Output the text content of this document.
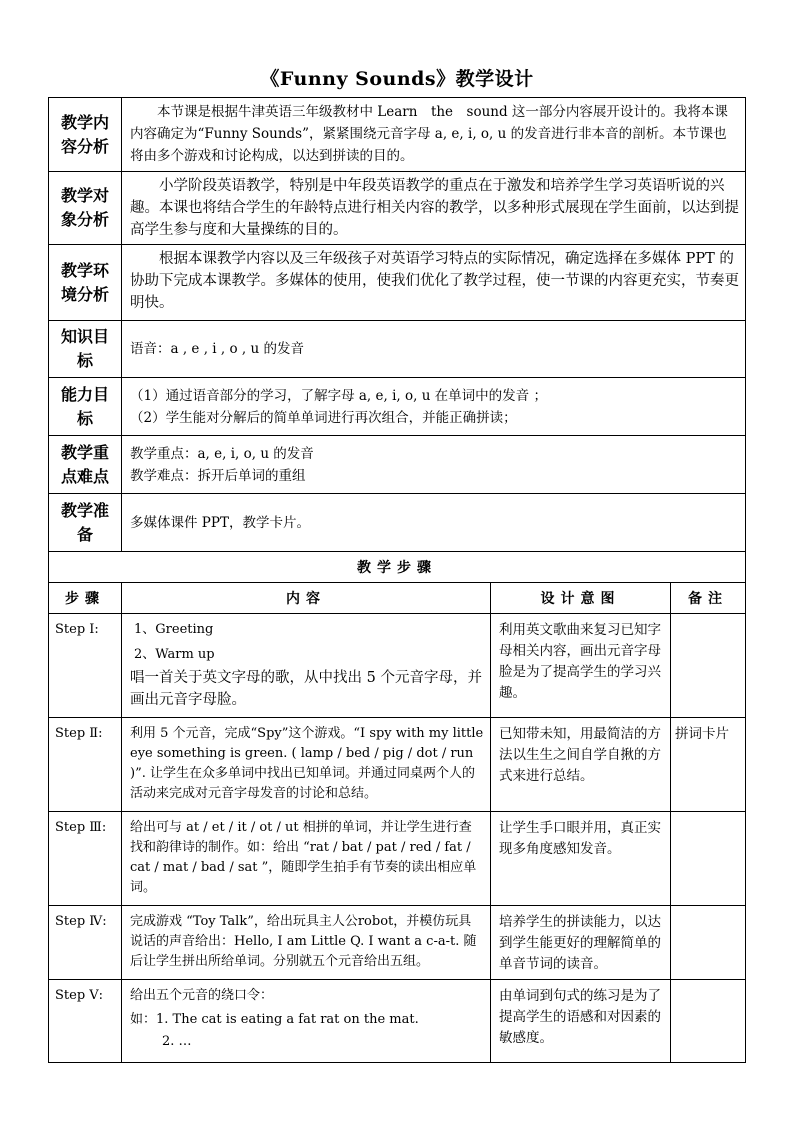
《Funny Sounds》教学设计
教学内容分析	本节课是根据牛津英语三年级教材中 Learn　the　sound 这一部分内容展开设计的。我将本课内容确定为“Funny Sounds”，紧紧围绕元音字母 a, e, i, o, u 的发音进行非本音的剖析。本节课也将由多个游戏和讨论构成，以达到拼读的目的。		

教学对象分析	小学阶段英语教学，特别是中年段英语教学的重点在于激发和培养学生学习英语听说的兴趣。本课也将结合学生的年龄特点进行相关内容的教学，以多种形式展现在学生面前，以达到提高学生参与度和大量操练的目的。		

教学环境分析	根据本课教学内容以及三年级孩子对英语学习特点的实际情况，确定选择在多媒体 PPT 的协助下完成本课教学。多媒体的使用，使我们优化了教学过程，使一节课的内容更充实，节奏更明快。		

知识目标	语音：a , e , i , o , u 的发音		

能力目标	（1）通过语音部分的学习，了解字母 a, e, i, o, u 在单词中的发音 ；
（2）学生能对分解后的简单单词进行再次组合，并能正确拼读；		

教学重点难点	教学重点：a, e, i, o, u 的发音
教学难点：拆开后单词的重组		

教学准备	多媒体课件 PPT，教学卡片。		

教学步骤			
步骤	内容	设计意图	备注
Step I:	1、Greeting
2、Warm up
唱一首关于英文字母的歌，从中找出 5 个元音字母，并画出元音字母脸。	利用英文歌曲来复习已知字母相关内容，画出元音字母脸是为了提高学生的学习兴趣。	
Step Ⅱ:	利用 5 个元音，完成“Spy”这个游戏。“I spy with my little eye something is green. ( lamp / bed / pig / dot / run )”. 让学生在众多单词中找出已知单词。并通过同桌两个人的活动来完成对元音字母发音的讨论和总结。	已知带未知，用最简洁的方法以生生之间自学自揪的方式来进行总结。	拼词卡片
Step Ⅲ:	给出可与 at / et / it / ot / ut 相拼的单词，并让学生进行查找和韵律诗的制作。如：给出 “rat / bat / pat / red / fat / cat / mat / bad / sat ”，随即学生拍手有节奏的读出相应单词。	让学生手口眼并用，真正实现多角度感知发音。	
Step Ⅳ:	完成游戏 “Toy Talk”，给出玩具主人公robot，并模仿玩具说话的声音给出：Hello, I am Little Q. I want a c-a-t. 随后让学生拼出所给单词。分别就五个元音给出五组。	培养学生的拼读能力，以达到学生能更好的理解简单的单音节词的读音。	
Step Ⅴ:	给出五个元音的绕口令：
如：1. The cat is eating a fat rat on the mat.
2. …	由单词到句式的练习是为了提高学生的语感和对因素的敏感度。	
